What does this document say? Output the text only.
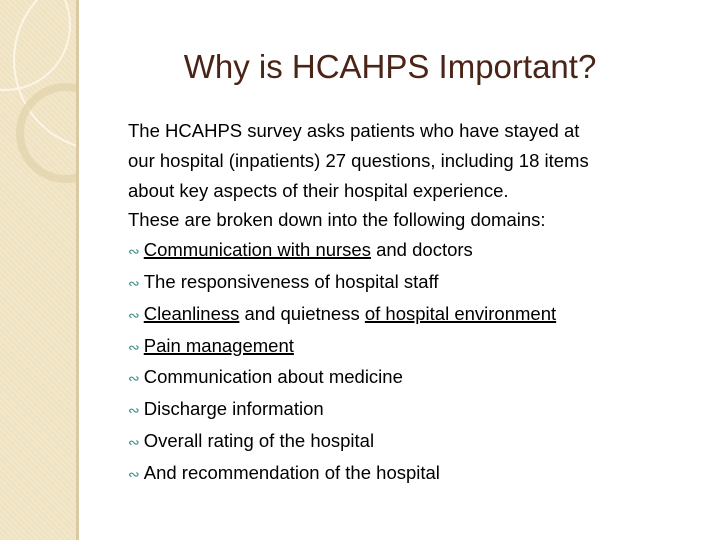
Why is HCAHPS Important?
The HCAHPS survey asks patients who have stayed at
our hospital (inpatients) 27 questions, including 18 items
about key aspects of their hospital experience.
These are broken down into the following domains:
∾ Communication with nurses and doctors
∾ The responsiveness of hospital staff
∾ Cleanliness and quietness of hospital environment
∾ Pain management
∾ Communication about medicine
∾ Discharge information
∾ Overall rating of the hospital
∾ And recommendation of the hospital
